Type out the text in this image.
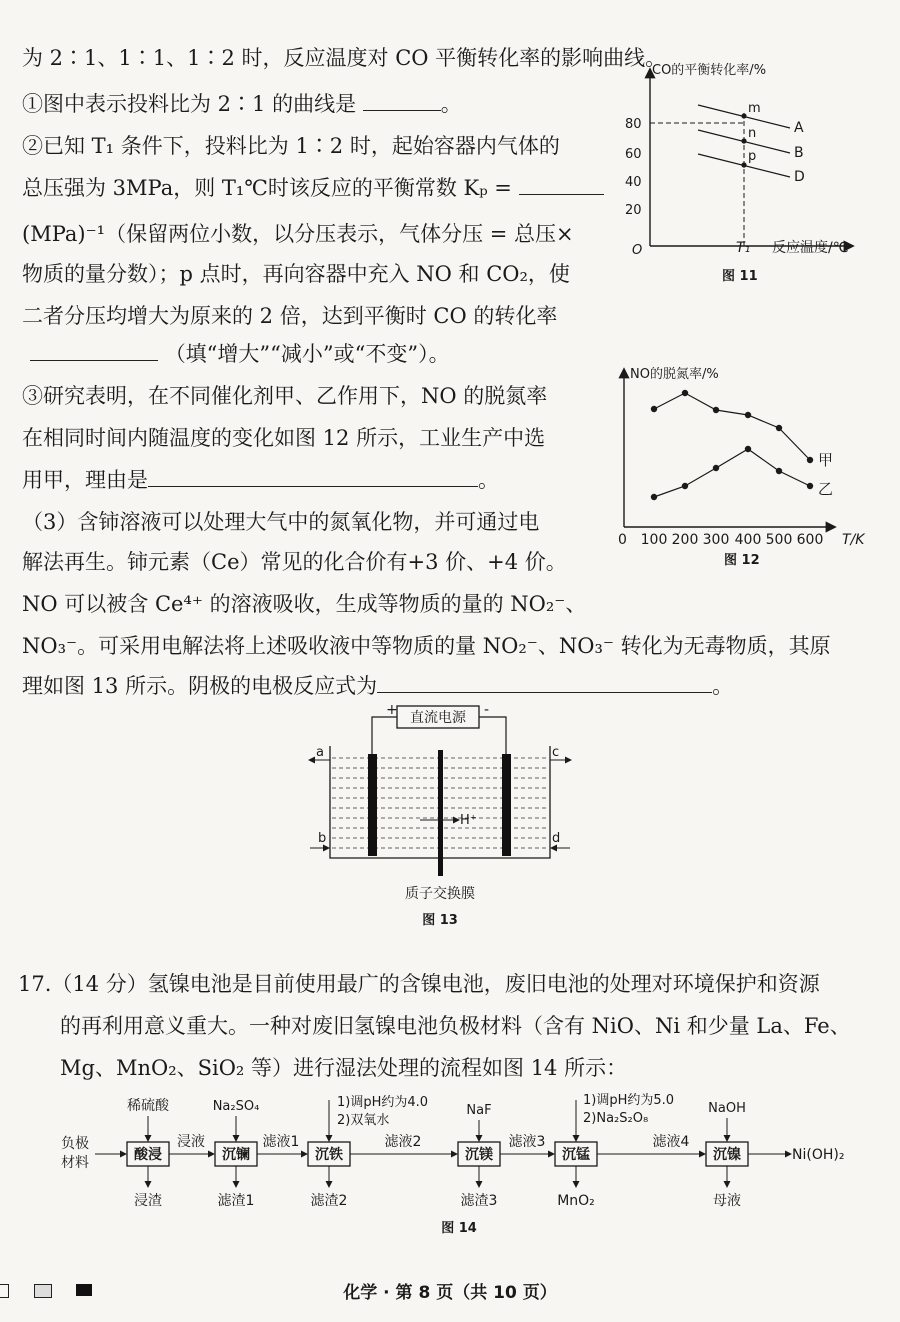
为 2∶1、1∶1、1∶2 时，反应温度对 CO 平衡转化率的影响曲线。
①图中表示投料比为 2∶1 的曲线是	。
②已知 T₁ 条件下，投料比为 1∶2 时，起始容器内气体的
总压强为 3MPa，则 T₁℃时该反应的平衡常数 Kₚ =
(MPa)⁻¹（保留两位小数，以分压表示，气体分压 = 总压×
物质的量分数）；p 点时，再向容器中充入 NO 和 CO₂，使
二者分压均增大为原来的 2 倍，达到平衡时 CO 的转化率
（填“增大”“减小”或“不变”）。
③研究表明，在不同催化剂甲、乙作用下，NO 的脱氮率
在相同时间内随温度的变化如图 12 所示，工业生产中选
用甲，理由是	。
（3）含铈溶液可以处理大气中的氮氧化物，并可通过电
解法再生。铈元素（Ce）常见的化合价有+3 价、+4 价。
NO 可以被含 Ce⁴⁺ 的溶液吸收，生成等物质的量的 NO₂⁻、
NO₃⁻。可采用电解法将上述吸收液中等物质的量 NO₂⁻、NO₃⁻ 转化为无毒物质，其原
理如图 13 所示。阴极的电极反应式为	。
17.（14 分）氢镍电池是目前使用最广的含镍电池，废旧电池的处理对环境保护和资源
的再利用意义重大。一种对废旧氢镍电池负极材料（含有 NiO、Ni 和少量 La、Fe、
Mg、MnO₂、SiO₂ 等）进行湿法处理的流程如图 14 所示：
CO的平衡转化率/%
O
80
60
40
20
m
n
p
A
B
D
T₁ 反应温度/℃
图 11
NO的脱氮率/%
甲
乙
0 100 200 300 400 500 600 T/K
图 12
直流电源
+	-
a
b
c
d
H⁺
质子交换膜
图 13
负极
材料	酸浸	沉镧	沉铁	沉镁	沉锰	沉镍	Ni(OH)₂
浸液	滤液1	滤液2	滤液3	滤液4
稀硫酸	Na₂SO₄	1)调pH约为4.0
2)双氧水
NaF
1)调pH约为5.0
2)Na₂S₂O₈
NaOH
浸渣	滤渣1	滤渣2	滤渣3	MnO₂	母液
图 14
化学 · 第 8 页（共 10 页）
